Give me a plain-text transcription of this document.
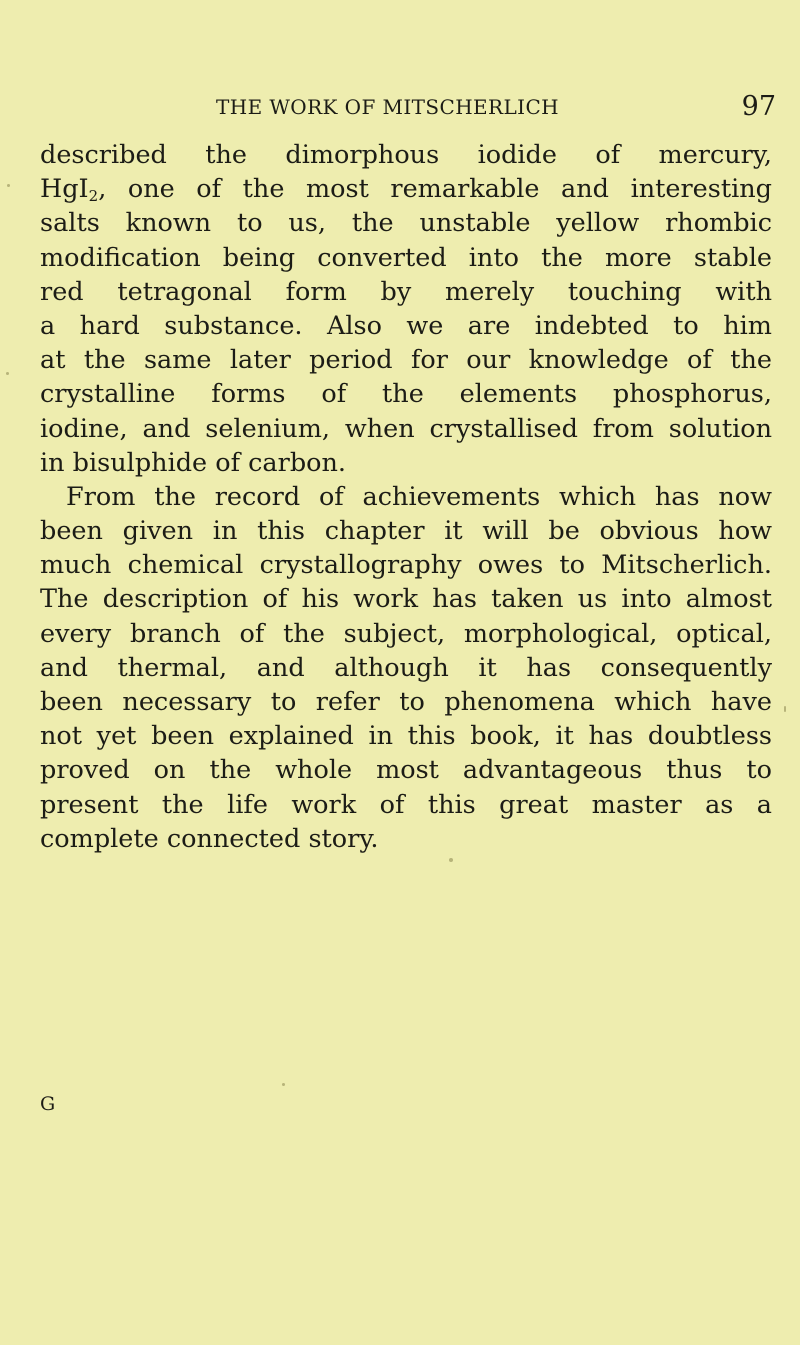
THE WORK OF MITSCHERLICH	97
described the dimorphous iodide of mercury,
HgI$_2$, one of the most remarkable and interesting
salts known to us, the unstable yellow rhombic
modification being converted into the more stable
red tetragonal form by merely touching with
a hard substance. Also we are indebted to him
at the same later period for our knowledge of the
crystalline forms of the elements phosphorus,
iodine, and selenium, when crystallised from solution
in bisulphide of carbon.
From the record of achievements which has now
been given in this chapter it will be obvious how
much chemical crystallography owes to Mitscherlich.
The description of his work has taken us into almost
every branch of the subject, morphological, optical,
and thermal, and although it has consequently
been necessary to refer to phenomena which have
not yet been explained in this book, it has doubtless
proved on the whole most advantageous thus to
present the life work of this great master as a
complete connected story.
G
